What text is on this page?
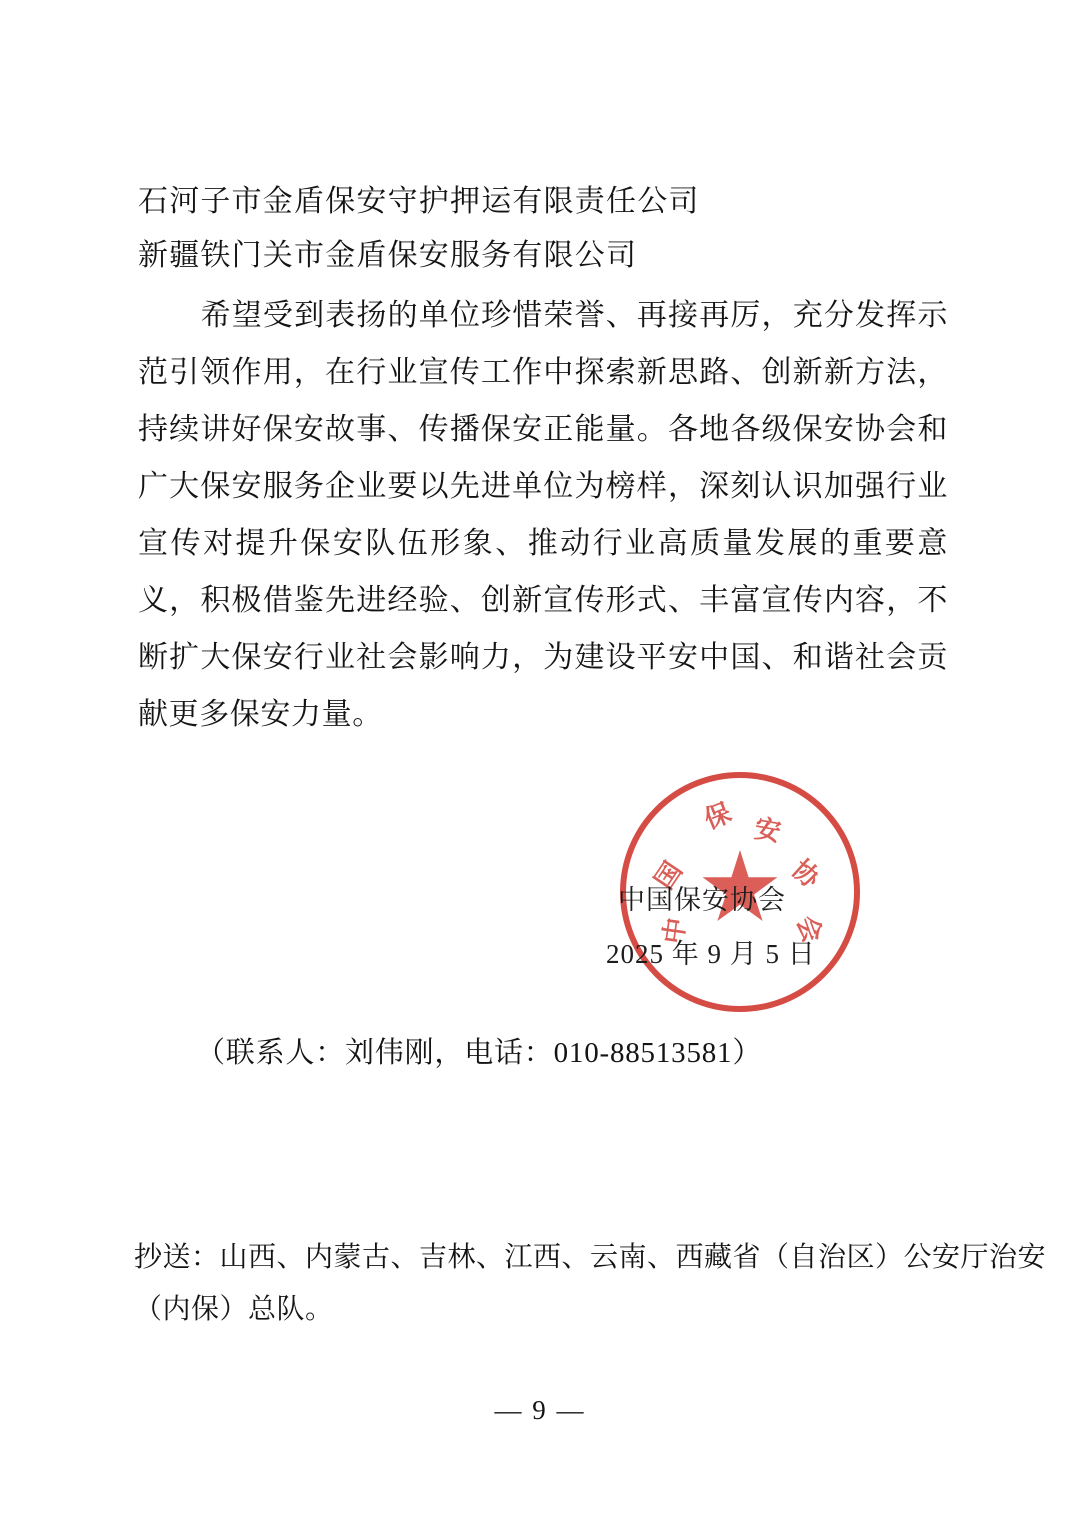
石河子市金盾保安守护押运有限责任公司
新疆铁门关市金盾保安服务有限公司
希望受到表扬的单位珍惜荣誉、再接再厉，充分发挥示范引领作用，在行业宣传工作中探索新思路、创新新方法，持续讲好保安故事、传播保安正能量。各地各级保安协会和广大保安服务企业要以先进单位为榜样，深刻认识加强行业宣传对提升保安队伍形象、推动行业高质量发展的重要意义，积极借鉴先进经验、创新宣传形式、丰富宣传内容，不断扩大保安行业社会影响力，为建设平安中国、和谐社会贡献更多保安力量。
保 安
协
会
国
中
中国保安协会
2025 年 9 月 5 日
（联系人：刘伟刚，电话：010-88513581）
抄送：山西、内蒙古、吉林、江西、云南、西藏省（自治区）公安厅治安
（内保）总队。
— 9 —
